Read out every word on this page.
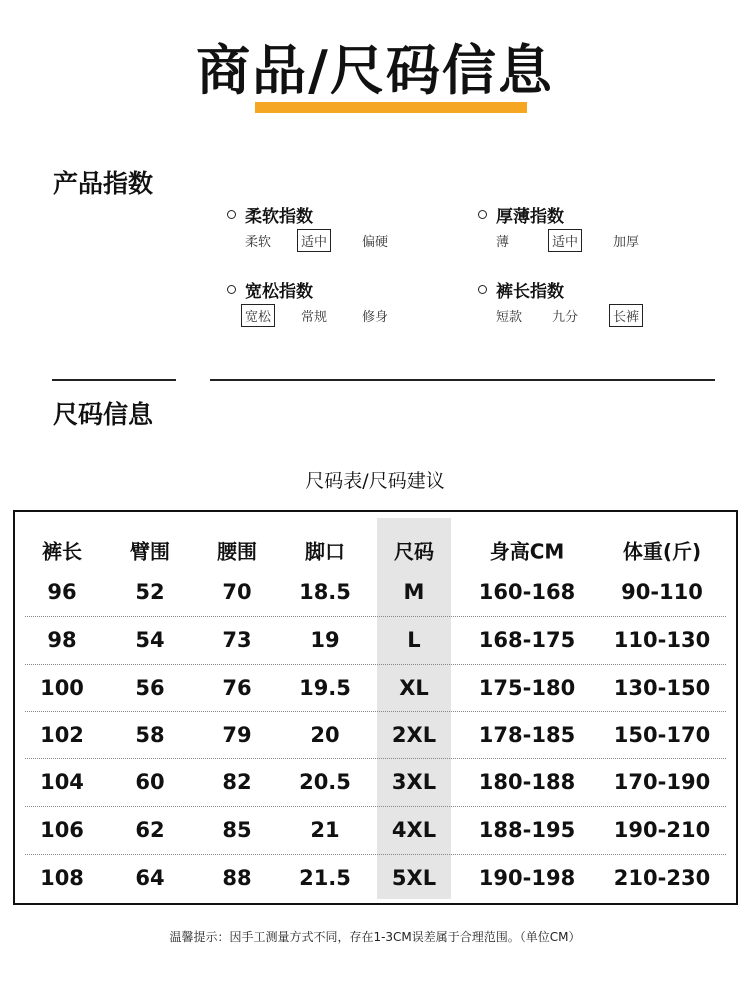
商品/尺码信息
产品指数
柔软指数
柔软	适中	偏硬
厚薄指数
薄	适中	加厚
宽松指数
宽松	常规	修身
裤长指数
短款 九分	长裤
尺码信息
尺码表/尺码建议
裤长 臂围 腰围 脚口 尺码	身高CM	体重(斤)
96	52	70 18.5	M	160-168 90-110
98	54	73	19	L	168-175 110-130
100 56	76 19.5 XL 175-180 130-150
102 58	79	20 2XL 178-185 150-170
104 60	82 20.5 3XL 180-188 170-190
106 62	85	21 4XL 188-195 190-210
108 64	88 21.5 5XL 190-198 210-230
温馨提示：因手工测量方式不同，存在1-3CM误差属于合理范围。（单位CM）
